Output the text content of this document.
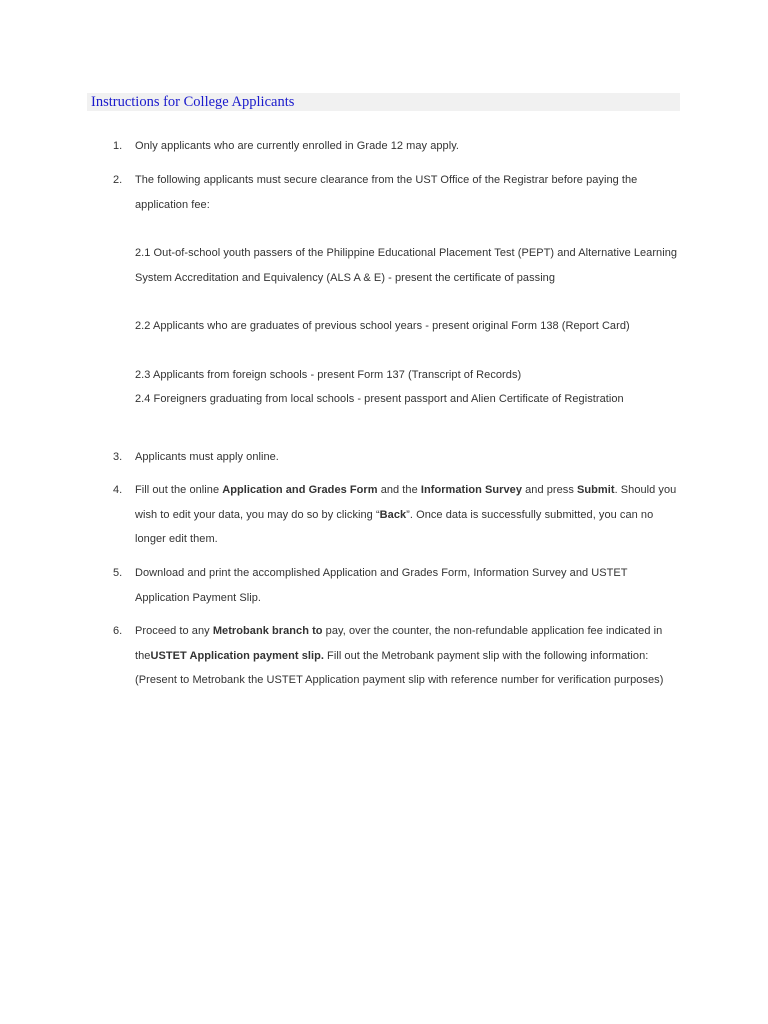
Instructions for College Applicants
1.	Only applicants who are currently enrolled in Grade 12 may apply.
2.	The following applicants must secure clearance from the UST Office of the Registrar before paying the application fee:
2.1 Out-of-school youth passers of the Philippine Educational Placement Test (PEPT) and Alternative Learning System Accreditation and Equivalency (ALS A & E) - present the certificate of passing
2.2 Applicants who are graduates of previous school years - present original Form 138 (Report Card)
2.3 Applicants from foreign schools - present Form 137 (Transcript of Records)
2.4 Foreigners graduating from local schools - present passport and Alien Certificate of Registration
3.	Applicants must apply online.
4.	Fill out the online Application and Grades Form and the Information Survey and press Submit. Should you wish to edit your data, you may do so by clicking “Back”. Once data is successfully submitted, you can no longer edit them.
5.	Download and print the accomplished Application and Grades Form, Information Survey and USTET Application Payment Slip.
6.	Proceed to any Metrobank branch to pay, over the counter, the non-refundable application fee indicated in theUSTET Application payment slip. Fill out the Metrobank payment slip with the following information: (Present to Metrobank the USTET Application payment slip with reference number for verification purposes)
